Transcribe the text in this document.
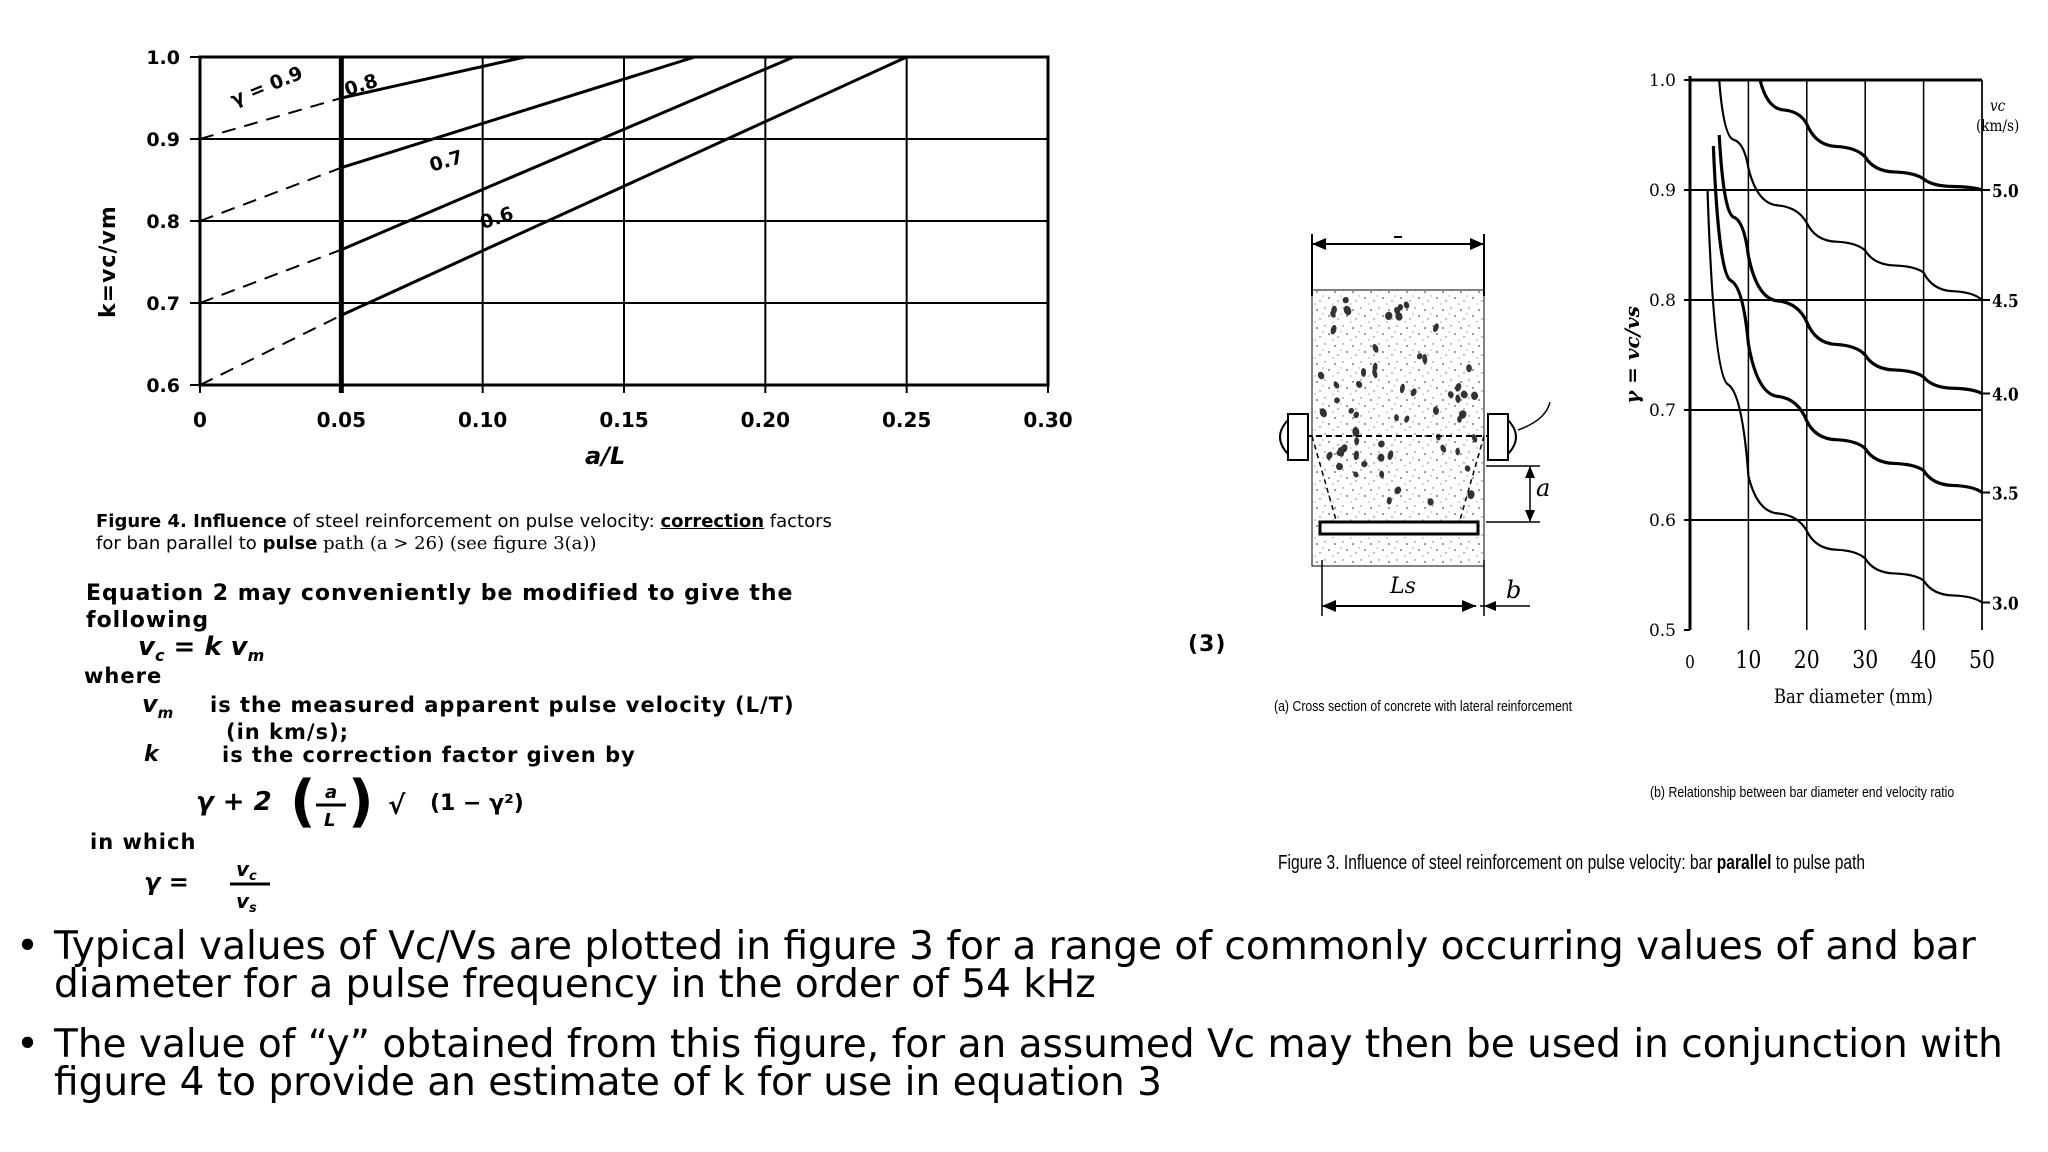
γ = 0.9 0.8
0.7
0.6
0	0.05	0.10	0.15	0.20	0.25	0.30
0.6
0.7
0.8
0.9
1.0
k=vc/vm
a/L
Figure 4. Influence of steel reinforcement on pulse velocity: correction factors
for ban parallel to pulse path (a > 26) (see figure 3(a))
Equation 2 may conveniently be modified to give the
following
$v_c = k$ $v_m$	(3)
where
$v_m$ is the measured apparent pulse velocity (L/T)
(in km/s);
k	is the correction factor given by
γ + 2 ( a
L ) √ (1 − γ²)
in which
$\gamma = v_c$
$v_s$
a
b
Ls
(a) Cross section of concrete with lateral reinforcement
0 10 20 30 40 50
0.5
0.6
0.7
0.8
0.9
1.0
5.0
4.5
4.0
3.5
3.0
γ = vc/vs
Bar diameter (mm)
vc
(km/s)
(b) Relationship between bar diameter end velocity ratio
Figure 3. Influence of steel reinforcement on pulse velocity: bar parallel to pulse path
• Typical values of Vc/Vs are plotted in figure 3 for a range of commonly occurring values of and bar diameter for a pulse frequency in the order of 54 kHz
• The value of “y” obtained from this figure, for an assumed Vc may then be used in conjunction with figure 4 to provide an estimate of k for use in equation 3
